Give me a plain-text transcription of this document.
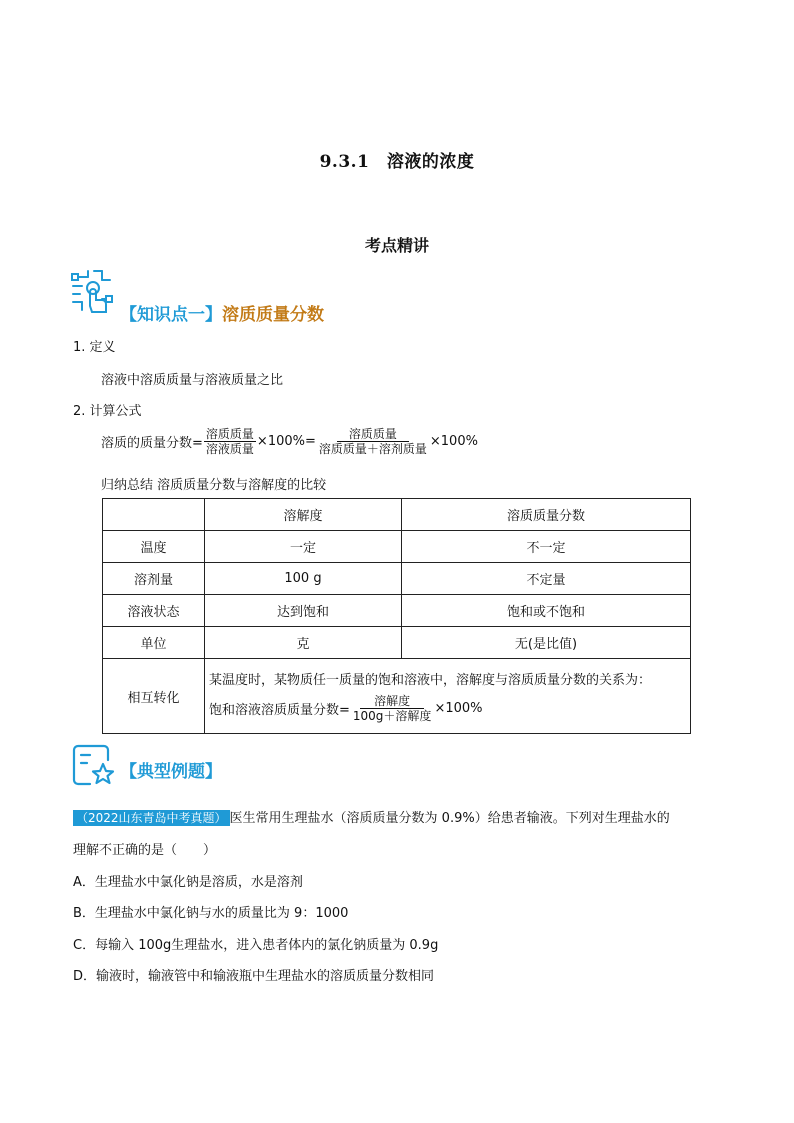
9.3.1　溶液的浓度
考点精讲
【知识点一】溶质质量分数
1. 定义
溶液中溶质质量与溶液质量之比
2. 计算公式
溶质的质量分数= $\frac{\text{溶质质量}}{\text{溶液质量}} \times 100\%= \frac{\text{溶质质量}}{\text{溶质质量＋溶剂质量}} \times 100\%$
归纳总结 溶质质量分数与溶解度的比较
	溶解度	溶质质量分数
温度	一定	不一定
溶剂量	100 g	不定量
溶液状态	达到饱和	饱和或不饱和
单位	克	无(是比值)
相互转化	某温度时，某物质任一质量的饱和溶液中，溶解度与溶质质量分数的关系为：
饱和溶液溶质质量分数= $\frac{\text{溶解度}}{\text{100g＋溶解度}} \times 100\%$	
【典型例题】
（2022山东青岛中考真题） 医生常用生理盐水（溶质质量分数为 0.9%）给患者输液。下列对生理盐水的
理解不正确的是（　　）
A．生理盐水中氯化钠是溶质，水是溶剂
B．生理盐水中氯化钠与水的质量比为 9：1000
C．每输入 100g生理盐水，进入患者体内的氯化钠质量为 0.9g
D．输液时，输液管中和输液瓶中生理盐水的溶质质量分数相同
